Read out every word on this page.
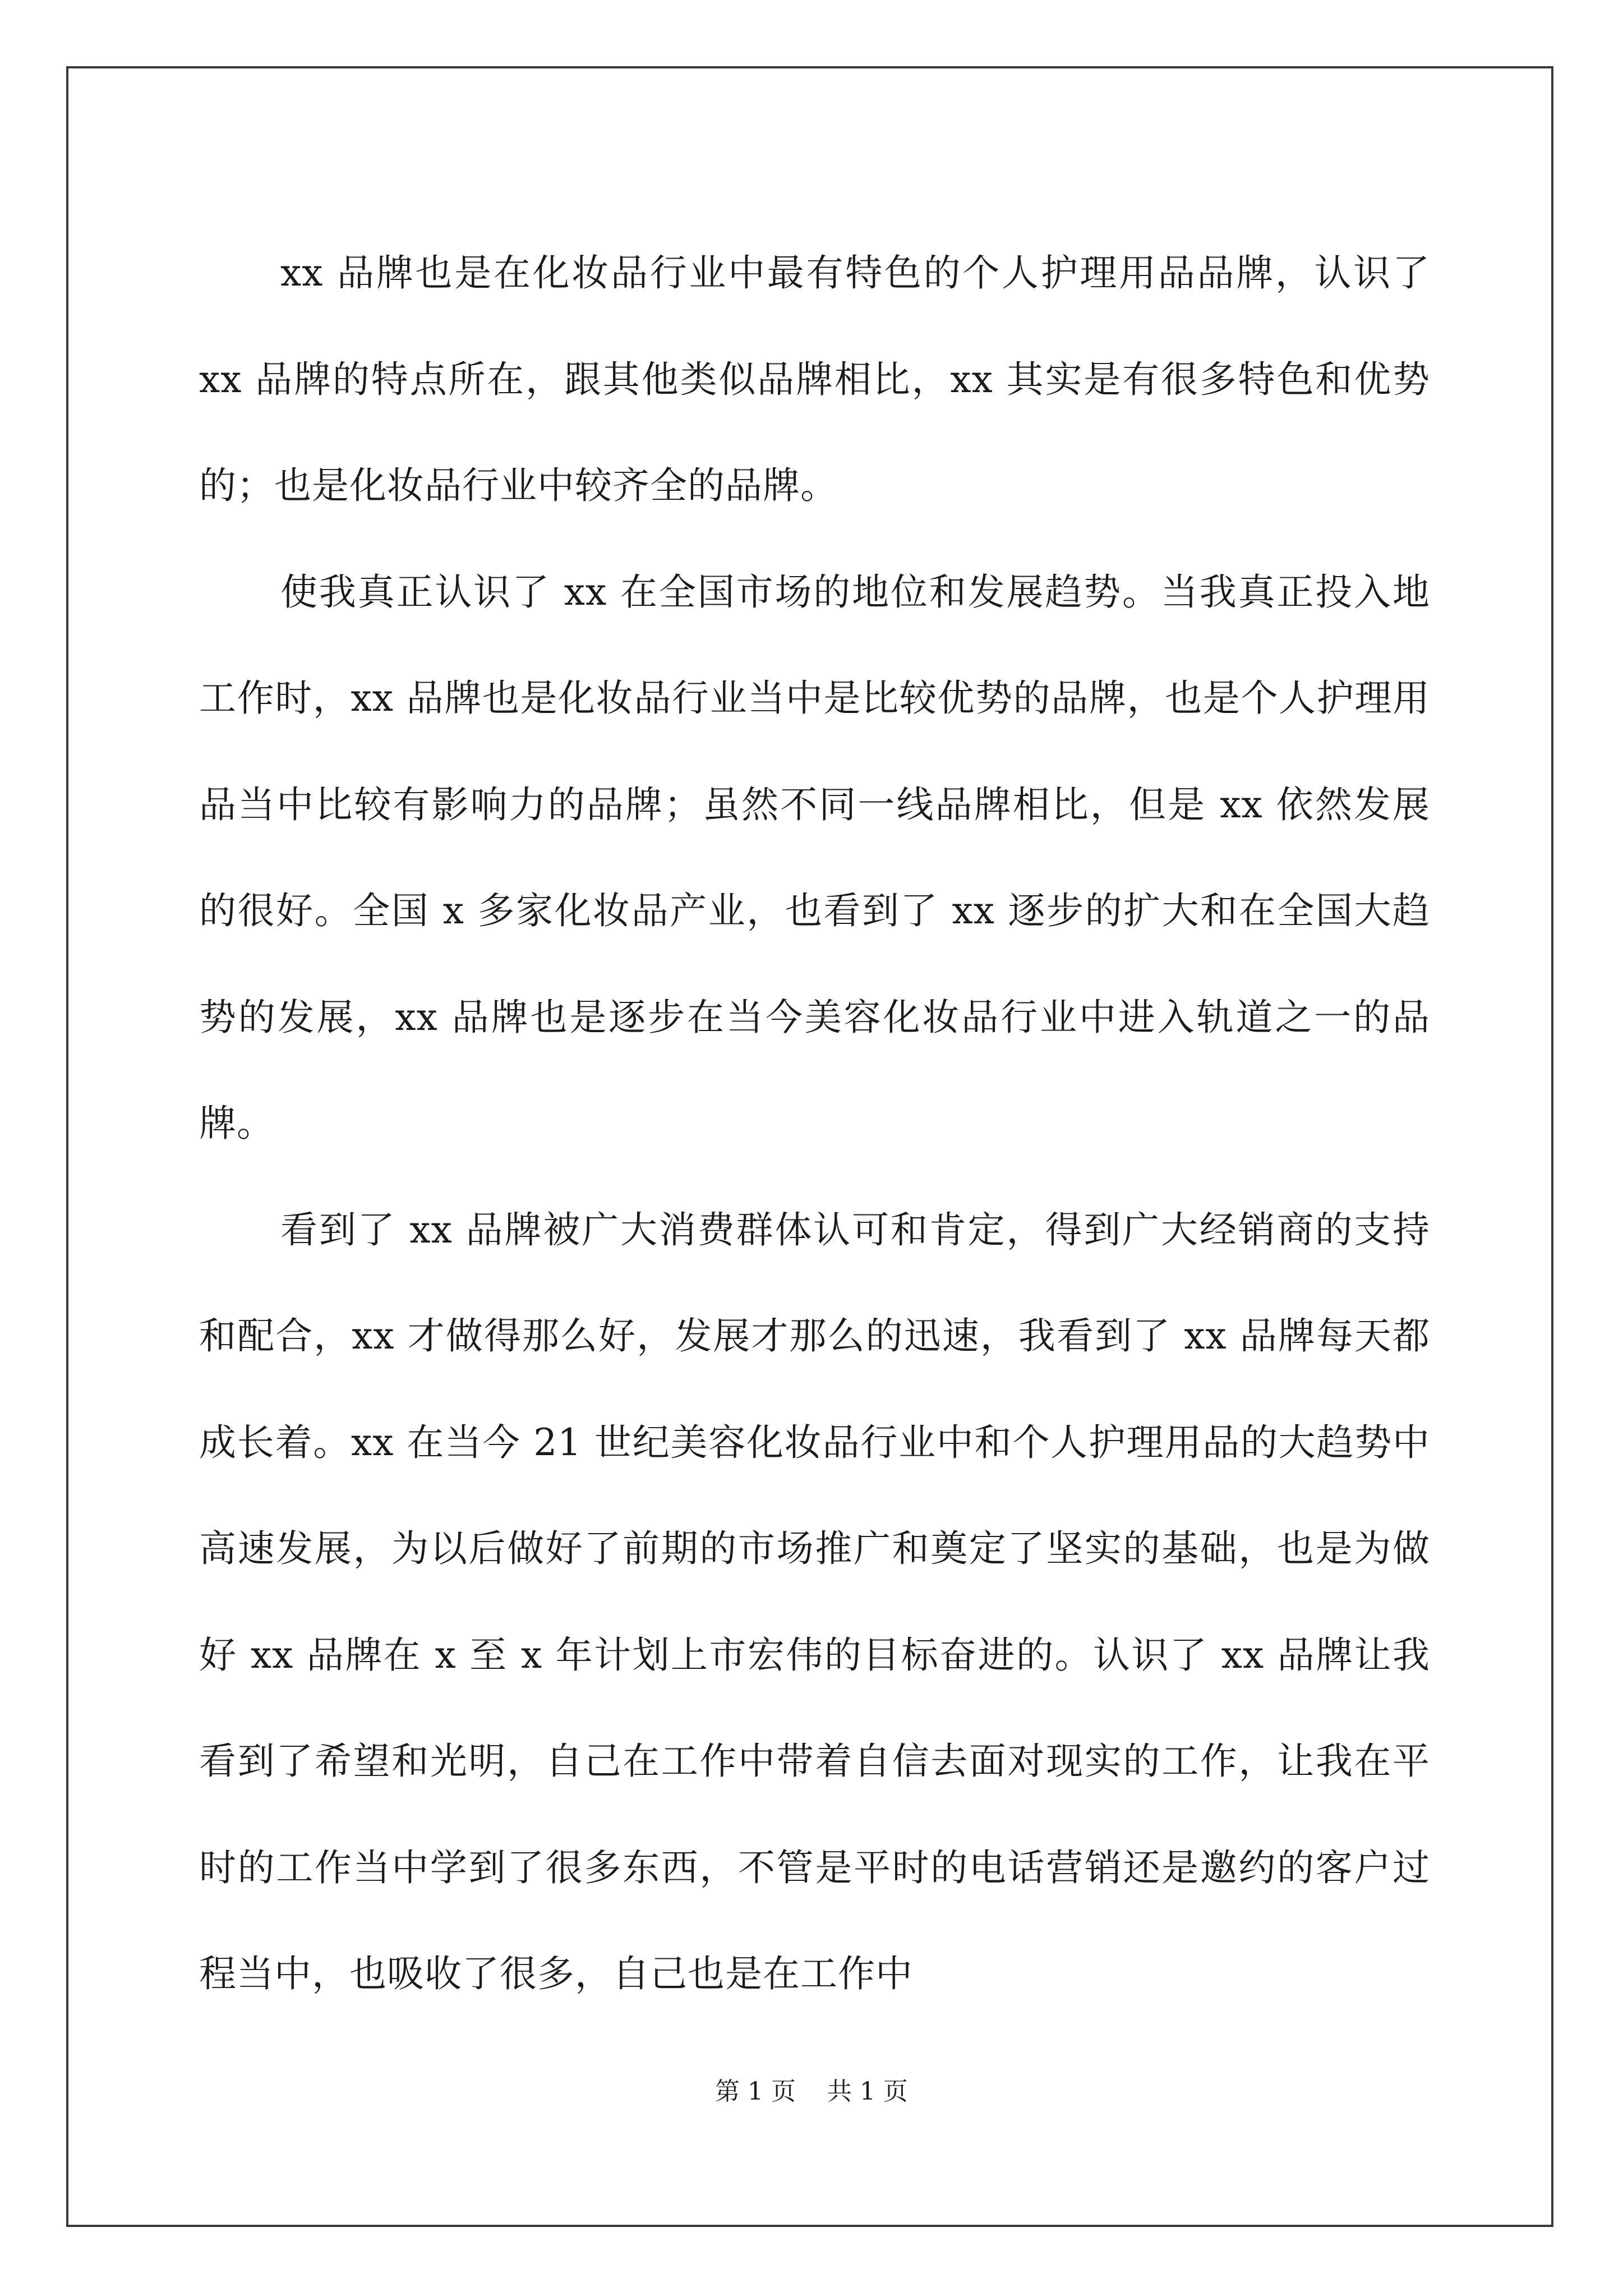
xx 品牌也是在化妆品行业中最有特色的个人护理用品品牌，认识了 xx 品牌的特点所在，跟其他类似品牌相比，xx 其实是有很多特色和优势的；也是化妆品行业中较齐全的品牌。

使我真正认识了 xx 在全国市场的地位和发展趋势。当我真正投入地工作时，xx 品牌也是化妆品行业当中是比较优势的品牌，也是个人护理用品当中比较有影响力的品牌；虽然不同一线品牌相比，但是 xx 依然发展的很好。全国 x 多家化妆品产业，也看到了 xx 逐步的扩大和在全国大趋势的发展，xx 品牌也是逐步在当今美容化妆品行业中进入轨道之一的品牌。

看到了 xx 品牌被广大消费群体认可和肯定，得到广大经销商的支持和配合，xx 才做得那么好，发展才那么的迅速，我看到了 xx 品牌每天都成长着。xx 在当今 21 世纪美容化妆品行业中和个人护理用品的大趋势中高速发展，为以后做好了前期的市场推广和奠定了坚实的基础，也是为做好 xx 品牌在 x 至 x 年计划上市宏伟的目标奋进的。认识了 xx 品牌让我看到了希望和光明，自己在工作中带着自信去面对现实的工作，让我在平时的工作当中学到了很多东西，不管是平时的电话营销还是邀约的客户过程当中，也吸收了很多，自己也是在工作中

第 1 页    共 1 页
